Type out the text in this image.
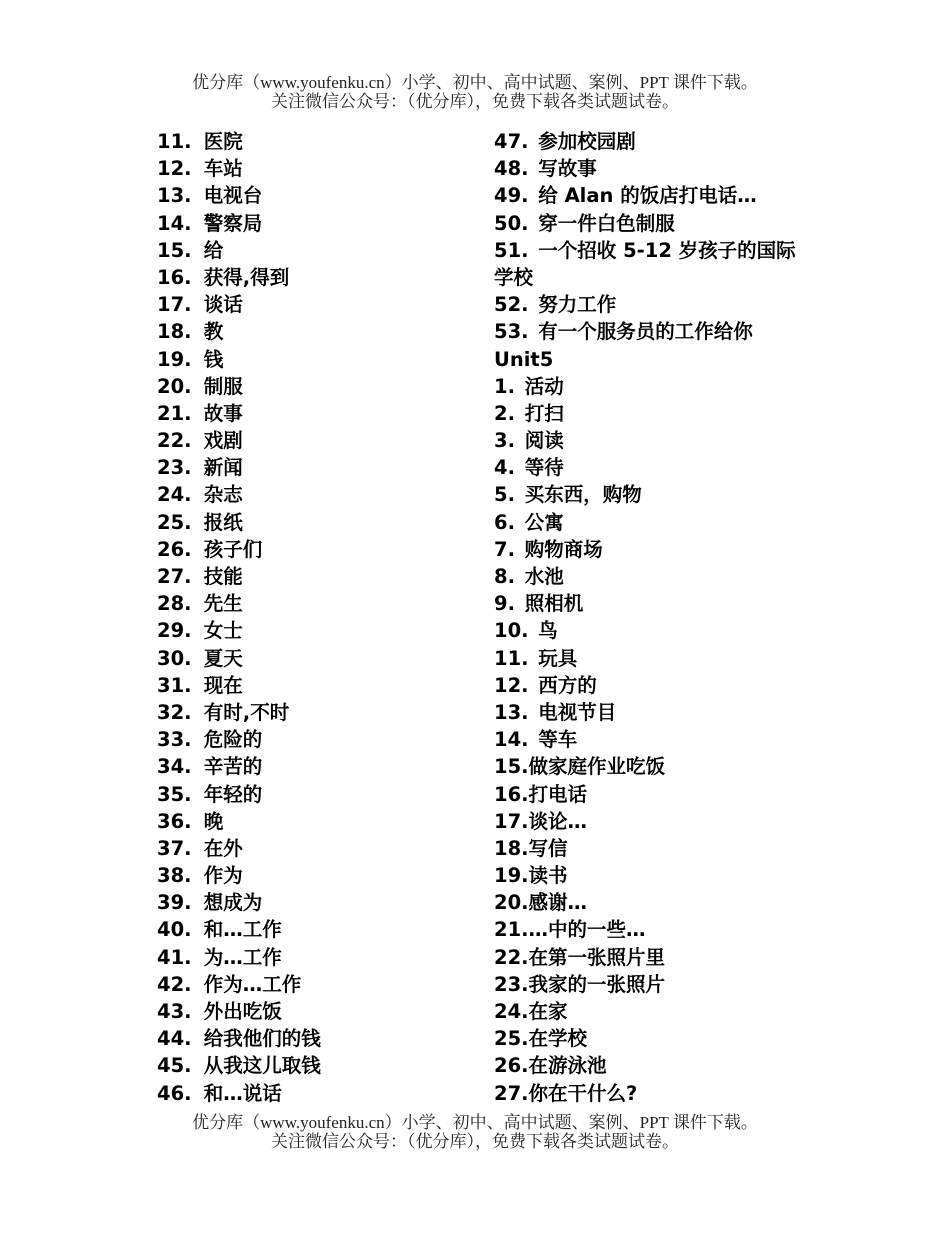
优分库（www.youfenku.cn）小学、初中、高中试题、案例、PPT 课件下载。
关注微信公众号：（优分库），免费下载各类试题试卷。
11. 医院
12. 车站
13. 电视台
14. 警察局
15. 给
16. 获得,得到
17. 谈话
18. 教
19. 钱
20. 制服
21. 故事
22. 戏剧
23. 新闻
24. 杂志
25. 报纸
26. 孩子们
27. 技能
28. 先生
29. 女士
30. 夏天
31. 现在
32. 有时,不时
33. 危险的
34. 辛苦的
35. 年轻的
36. 晚
37. 在外
38. 作为
39. 想成为
40. 和…工作
41. 为…工作
42. 作为…工作
43. 外出吃饭
44. 给我他们的钱
45. 从我这儿取钱
46. 和…说话
47. 参加校园剧
48. 写故事
49. 给 Alan 的饭店打电话…
50. 穿一件白色制服
51. 一个招收 5-12 岁孩子的国际
学校
52. 努力工作
53. 有一个服务员的工作给你
Unit5
1. 活动
2. 打扫
3. 阅读
4. 等待
5. 买东西，购物
6. 公寓
7. 购物商场
8. 水池
9. 照相机
10. 鸟
11. 玩具
12. 西方的
13. 电视节目
14. 等车
15.做家庭作业吃饭
16.打电话
17.谈论…
18.写信
19.读书
20.感谢…
21.…中的一些…
22.在第一张照片里
23.我家的一张照片
24.在家
25.在学校
26.在游泳池
27.你在干什么?
优分库（www.youfenku.cn）小学、初中、高中试题、案例、PPT 课件下载。
关注微信公众号：（优分库），免费下载各类试题试卷。
